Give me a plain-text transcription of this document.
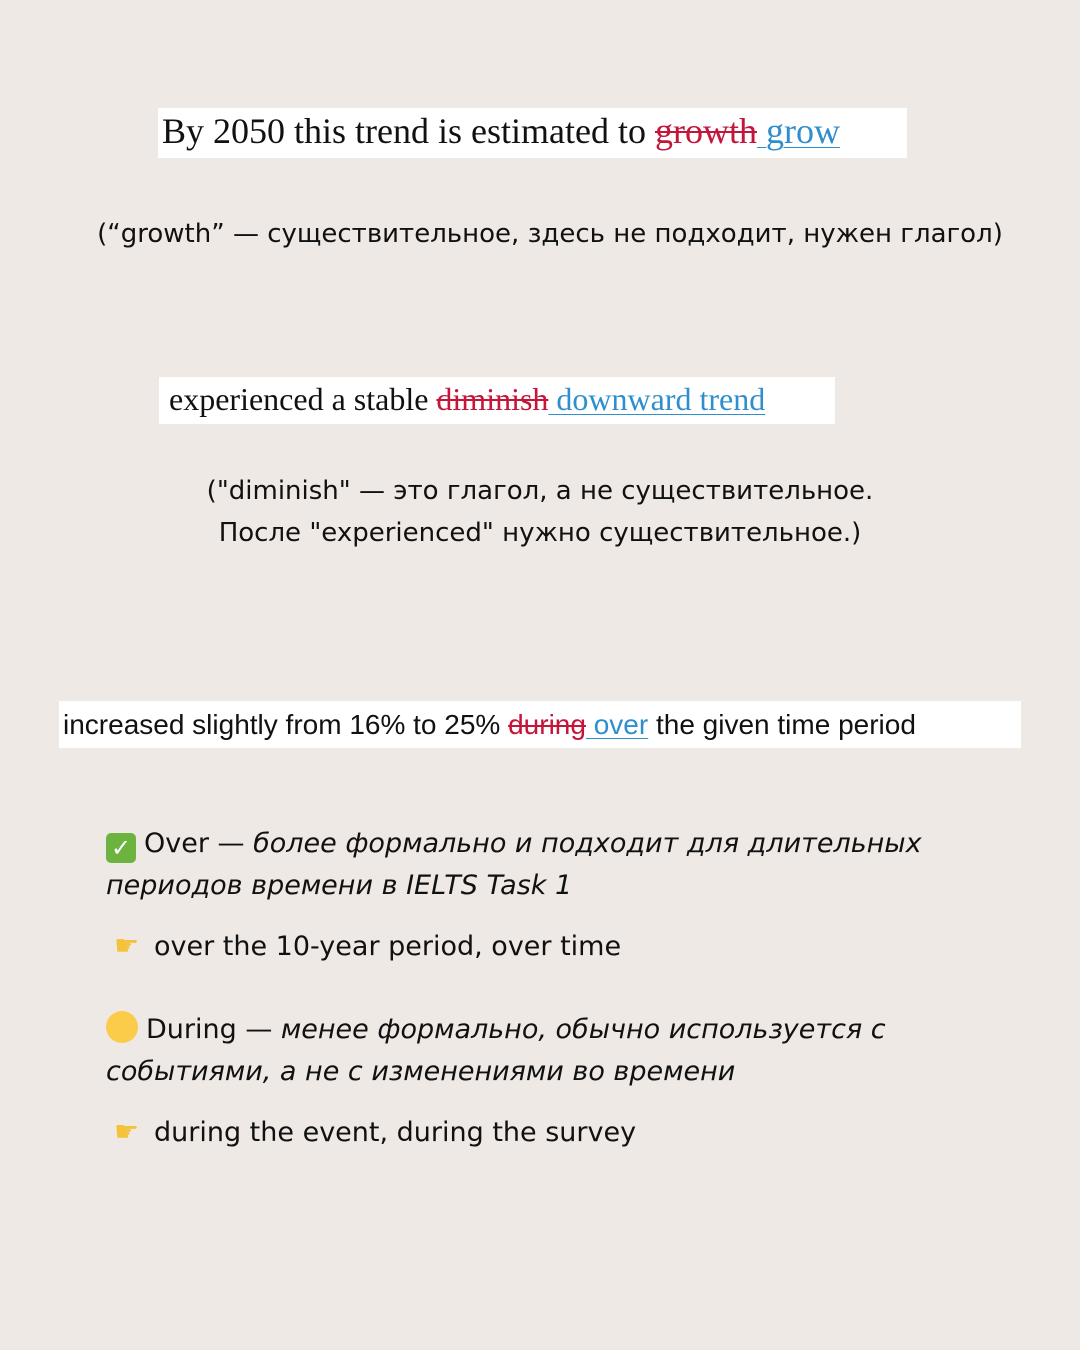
By 2050 this trend is estimated to growth grow
(“growth” — существительное, здесь не подходит, нужен глагол)
experienced a stable diminish downward trend
("diminish" — это глагол, а не существительное.
После "experienced" нужно существительное.)
increased slightly from 16% to 25% during over the given time period
✓ Over — более формально и подходит для длительных периодов времени в IELTS Task 1
☛ over the 10-year period, over time
During — менее формально, обычно используется с событиями, а не с изменениями во времени
☛ during the event, during the survey
